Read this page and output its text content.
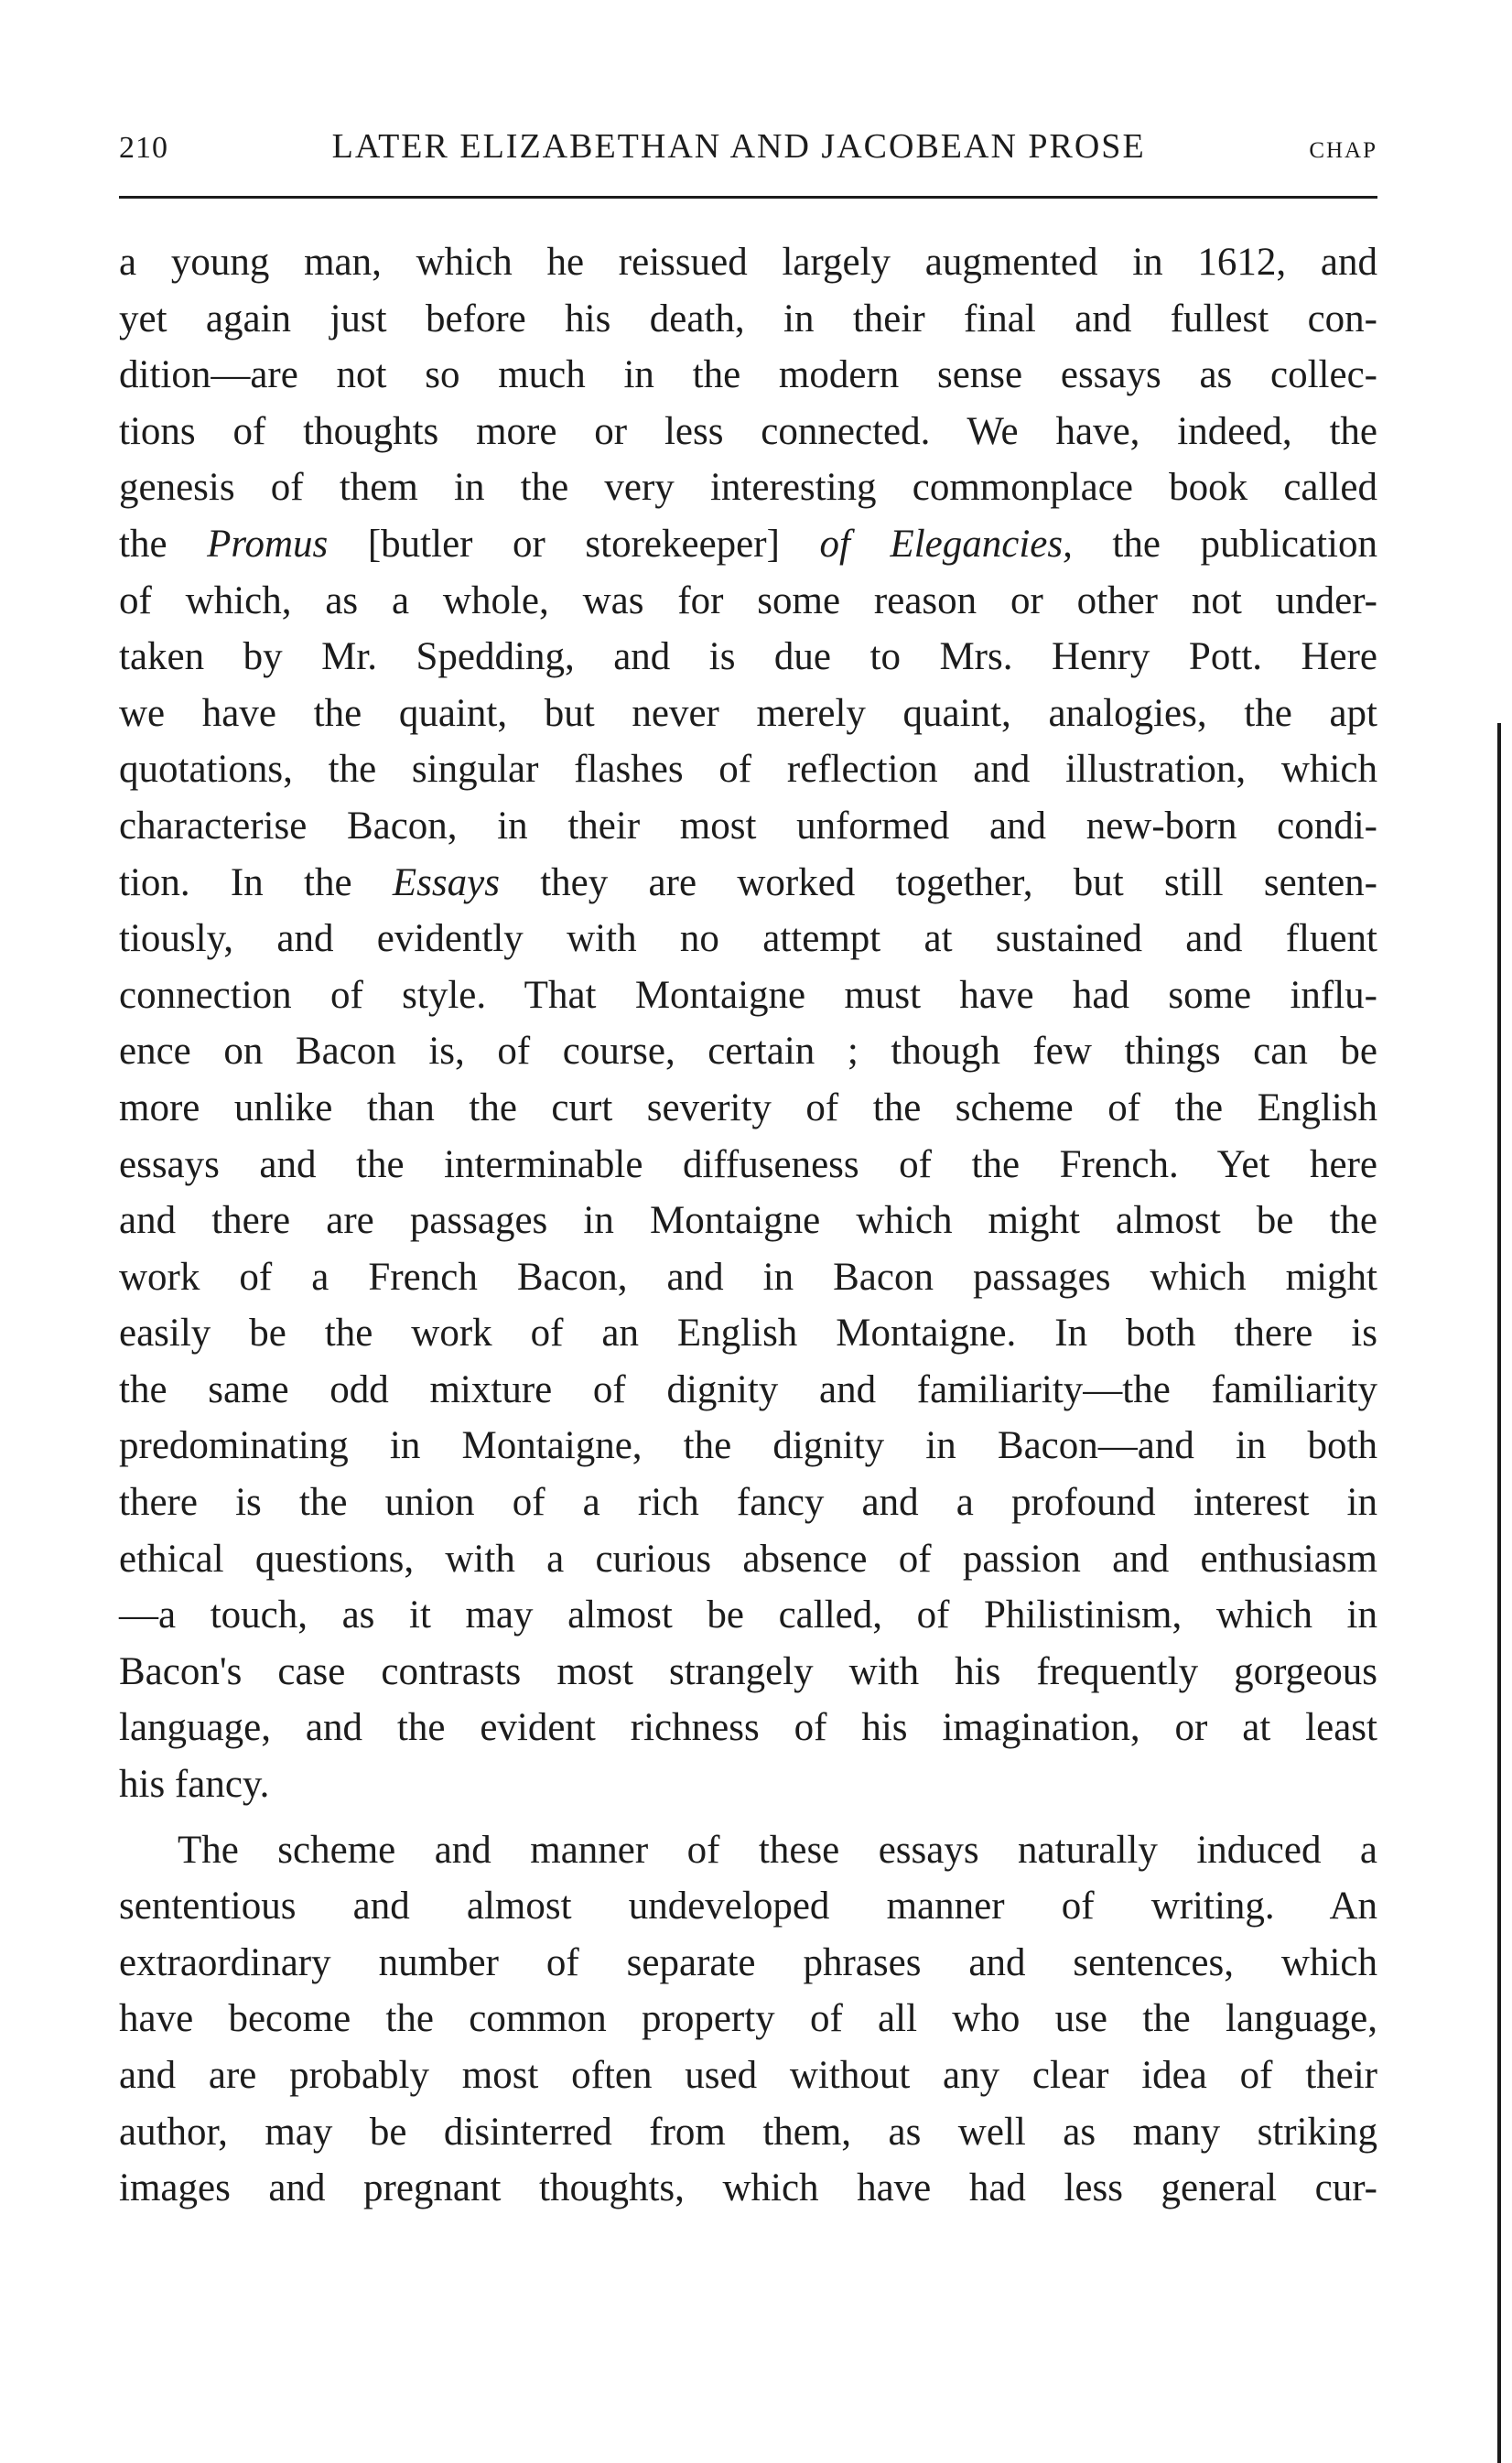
210	LATER ELIZABETHAN AND JACOBEAN PROSE	CHAP
a young man, which he reissued largely augmented in 1612, and
yet again just before his death, in their final and fullest con-
dition—are not so much in the modern sense essays as collec-
tions of thoughts more or less connected. We have, indeed, the
genesis of them in the very interesting commonplace book called
the Promus [butler or storekeeper] of Elegancies, the publication
of which, as a whole, was for some reason or other not under-
taken by Mr. Spedding, and is due to Mrs. Henry Pott. Here
we have the quaint, but never merely quaint, analogies, the apt
quotations, the singular flashes of reflection and illustration, which
characterise Bacon, in their most unformed and new-born condi-
tion. In the Essays they are worked together, but still senten-
tiously, and evidently with no attempt at sustained and fluent
connection of style. That Montaigne must have had some influ-
ence on Bacon is, of course, certain ; though few things can be
more unlike than the curt severity of the scheme of the English
essays and the interminable diffuseness of the French. Yet here
and there are passages in Montaigne which might almost be the
work of a French Bacon, and in Bacon passages which might
easily be the work of an English Montaigne. In both there is
the same odd mixture of dignity and familiarity—the familiarity
predominating in Montaigne, the dignity in Bacon—and in both
there is the union of a rich fancy and a profound interest in
ethical questions, with a curious absence of passion and enthusiasm
—a touch, as it may almost be called, of Philistinism, which in
Bacon's case contrasts most strangely with his frequently gorgeous
language, and the evident richness of his imagination, or at least
his fancy.
The scheme and manner of these essays naturally induced a
sententious and almost undeveloped manner of writing. An
extraordinary number of separate phrases and sentences, which
have become the common property of all who use the language,
and are probably most often used without any clear idea of their
author, may be disinterred from them, as well as many striking
images and pregnant thoughts, which have had less general cur-
